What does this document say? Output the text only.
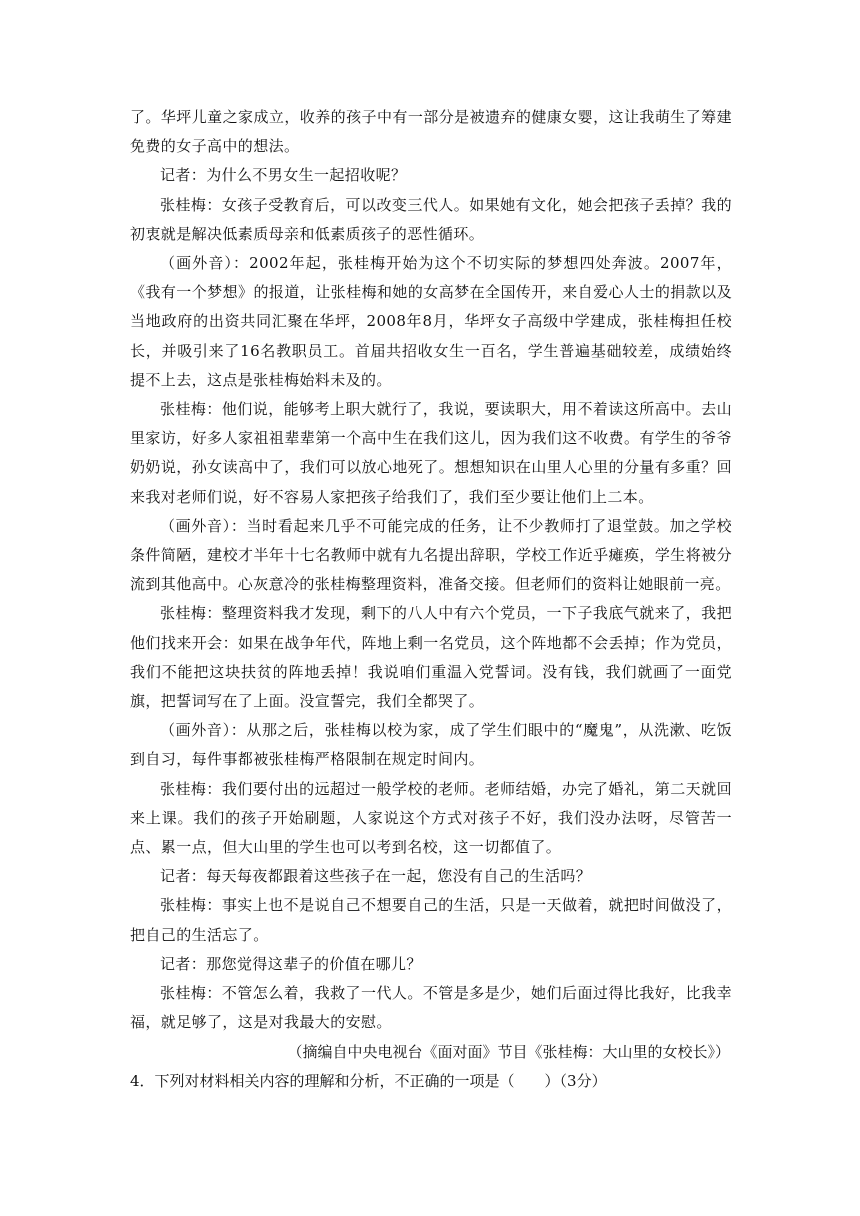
了。华坪儿童之家成立，收养的孩子中有一部分是被遗弃的健康女婴，这让我萌生了筹建免费的女子高中的想法。

记者：为什么不男女生一起招收呢？

张桂梅：女孩子受教育后，可以改变三代人。如果她有文化，她会把孩子丢掉？我的初衷就是解决低素质母亲和低素质孩子的恶性循环。

（画外音）：2002年起，张桂梅开始为这个不切实际的梦想四处奔波。2007年，《我有一个梦想》的报道，让张桂梅和她的女高梦在全国传开，来自爱心人士的捐款以及当地政府的出资共同汇聚在华坪，2008年8月，华坪女子高级中学建成，张桂梅担任校长，并吸引来了16名教职员工。首届共招收女生一百名，学生普遍基础较差，成绩始终提不上去，这点是张桂梅始料未及的。

张桂梅：他们说，能够考上职大就行了，我说，要读职大，用不着读这所高中。去山里家访，好多人家祖祖辈辈第一个高中生在我们这儿，因为我们这不收费。有学生的爷爷奶奶说，孙女读高中了，我们可以放心地死了。想想知识在山里人心里的分量有多重？回来我对老师们说，好不容易人家把孩子给我们了，我们至少要让他们上二本。

（画外音）：当时看起来几乎不可能完成的任务，让不少教师打了退堂鼓。加之学校条件简陋，建校才半年十七名教师中就有九名提出辞职，学校工作近乎瘫痪，学生将被分流到其他高中。心灰意冷的张桂梅整理资料，准备交接。但老师们的资料让她眼前一亮。

张桂梅：整理资料我才发现，剩下的八人中有六个党员，一下子我底气就来了，我把他们找来开会：如果在战争年代，阵地上剩一名党员，这个阵地都不会丢掉；作为党员，我们不能把这块扶贫的阵地丢掉！我说咱们重温入党誓词。没有钱，我们就画了一面党旗，把誓词写在了上面。没宣誓完，我们全都哭了。

（画外音）：从那之后，张桂梅以校为家，成了学生们眼中的“魔鬼”，从洗漱、吃饭到自习，每件事都被张桂梅严格限制在规定时间内。

张桂梅：我们要付出的远超过一般学校的老师。老师结婚，办完了婚礼，第二天就回来上课。我们的孩子开始刷题，人家说这个方式对孩子不好，我们没办法呀，尽管苦一点、累一点，但大山里的学生也可以考到名校，这一切都值了。

记者：每天每夜都跟着这些孩子在一起，您没有自己的生活吗？

张桂梅：事实上也不是说自己不想要自己的生活，只是一天做着，就把时间做没了，把自己的生活忘了。

记者：那您觉得这辈子的价值在哪儿？

张桂梅：不管怎么着，我救了一代人。不管是多是少，她们后面过得比我好，比我幸福，就足够了，这是对我最大的安慰。

（摘编自中央电视台《面对面》节目《张桂梅：大山里的女校长》）

4．下列对材料相关内容的理解和分析，不正确的一项是（　　）（3分）
